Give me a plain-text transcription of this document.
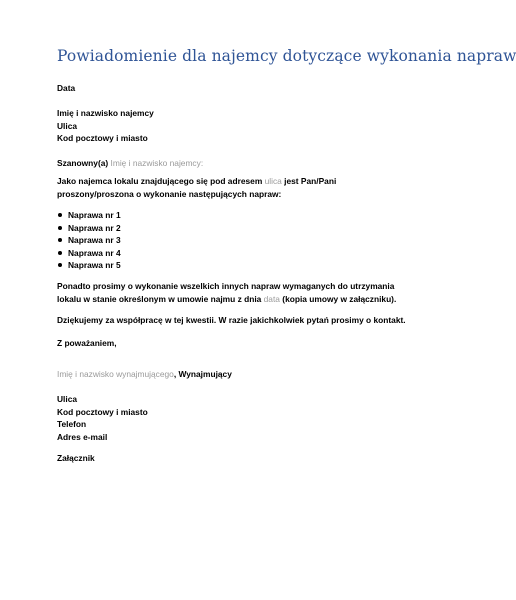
Powiadomienie dla najemcy dotyczące wykonania napraw
Data
Imię i nazwisko najemcy
Ulica
Kod pocztowy i miasto
Szanowny(a) Imię i nazwisko najemcy:
Jako najemca lokalu znajdującego się pod adresem ulica jest Pan/Pani proszony/proszona o wykonanie następujących napraw:
Naprawa nr 1
Naprawa nr 2
Naprawa nr 3
Naprawa nr 4
Naprawa nr 5
Ponadto prosimy o wykonanie wszelkich innych napraw wymaganych do utrzymania lokalu w stanie określonym w umowie najmu z dnia data (kopia umowy w załączniku).
Dziękujemy za współpracę w tej kwestii. W razie jakichkolwiek pytań prosimy o kontakt.
Z poważaniem,
Imię i nazwisko wynajmującego, Wynajmujący
Ulica
Kod pocztowy i miasto
Telefon
Adres e-mail
Załącznik
